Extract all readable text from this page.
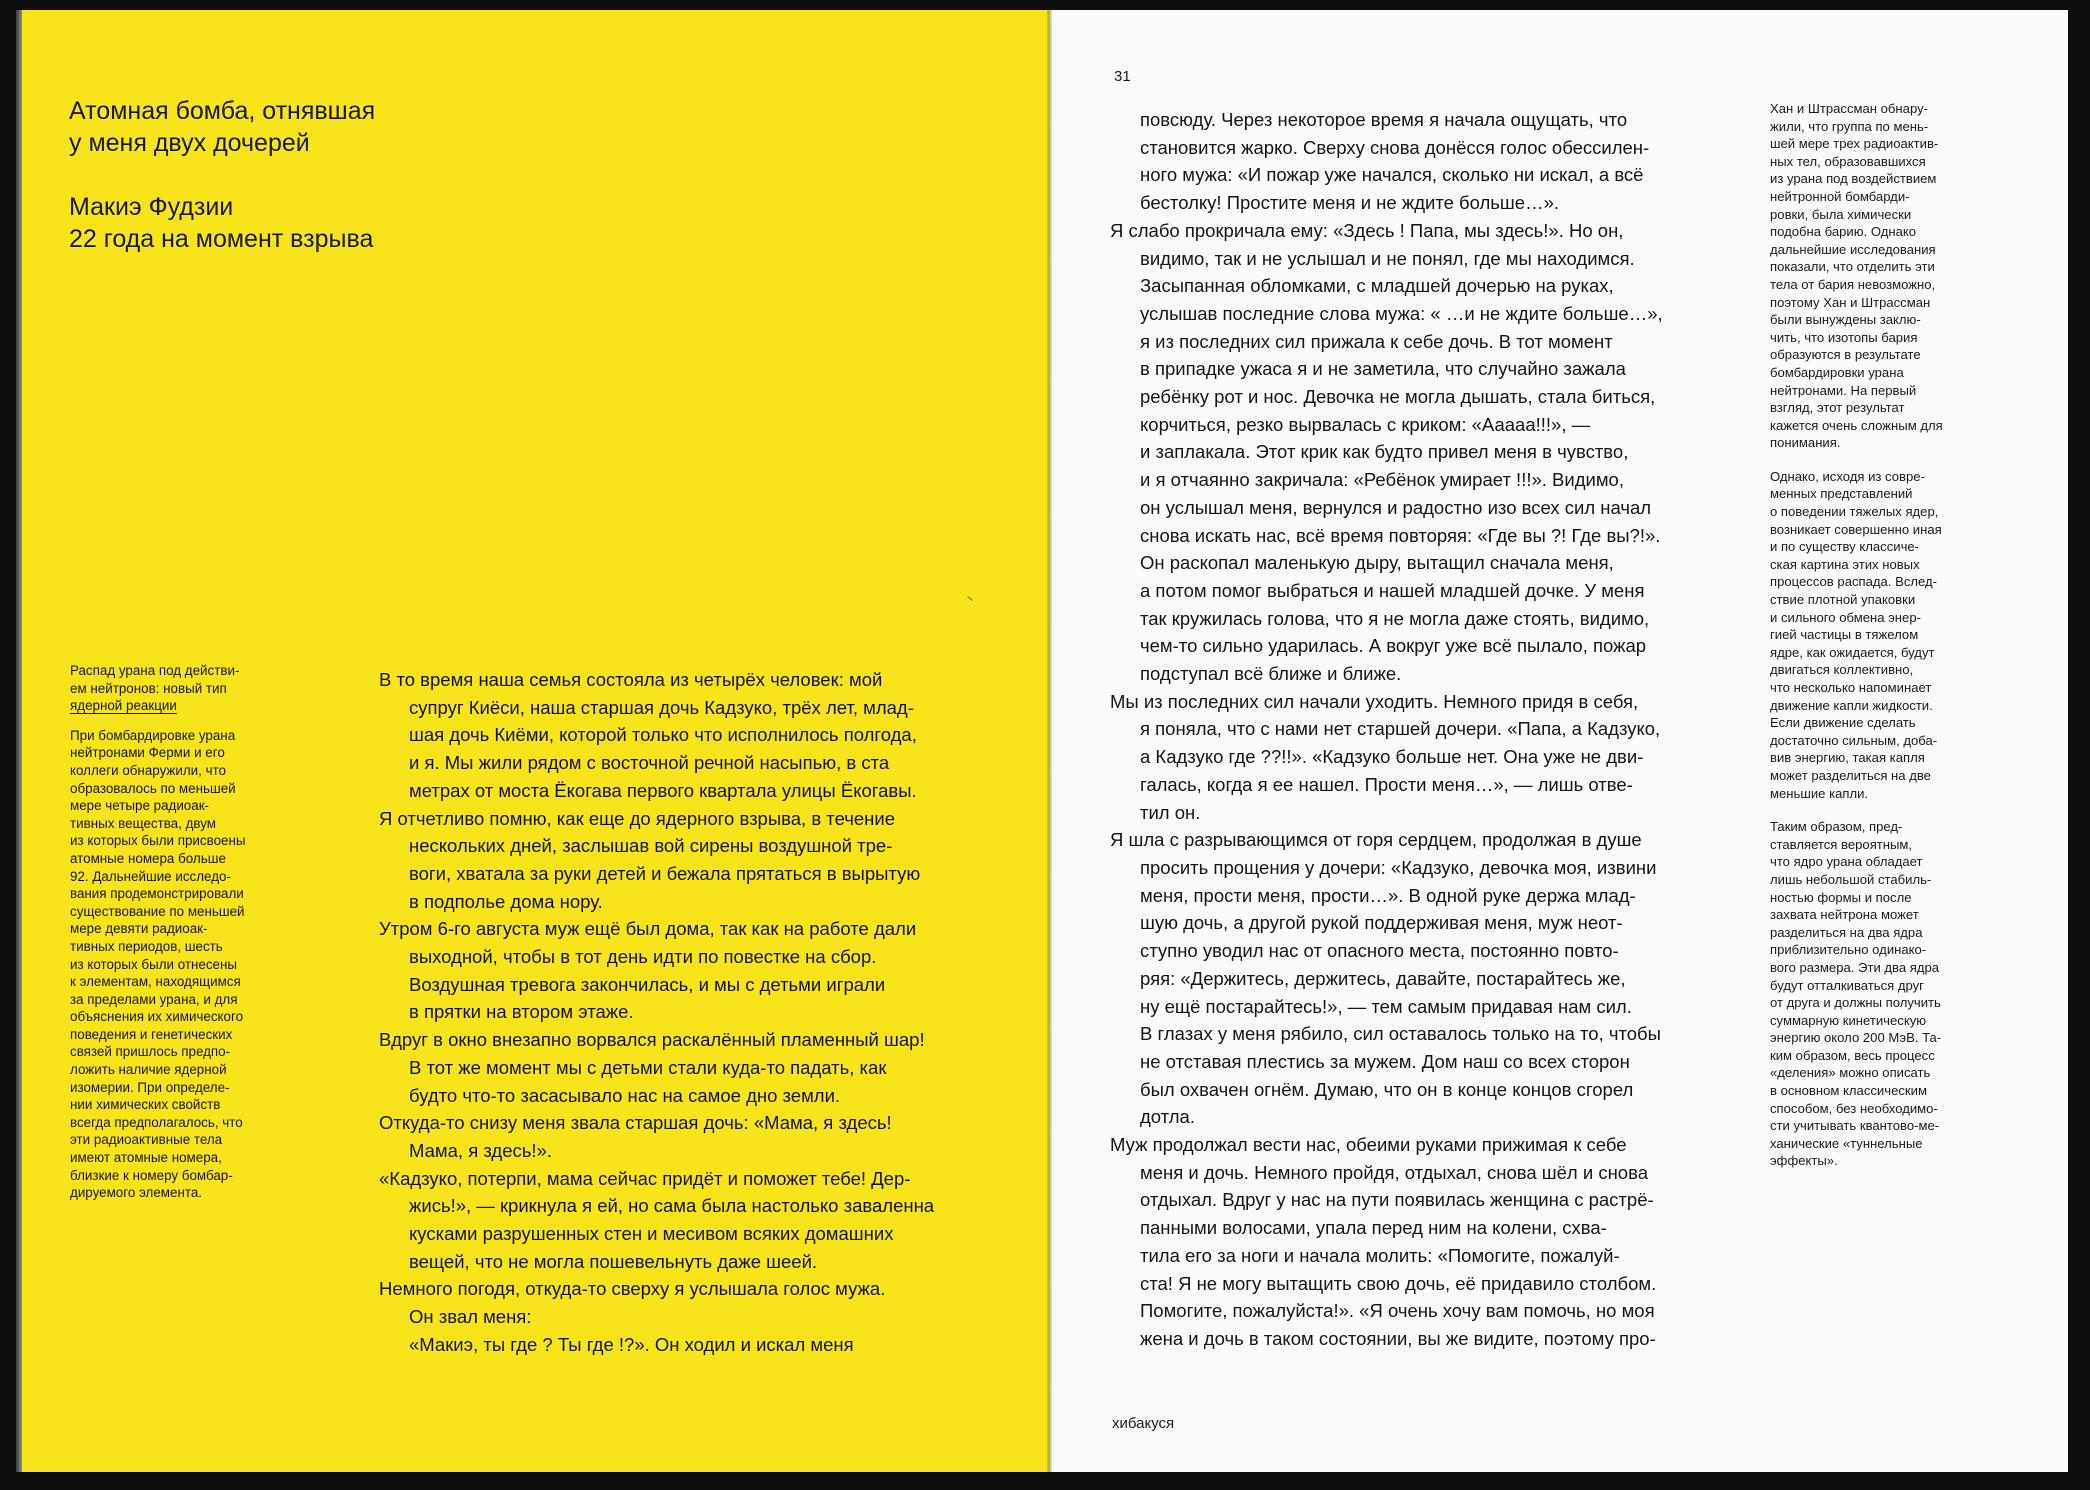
Атомная бомба, отнявшая
у меня двух дочерей
Макиэ Фудзии
22 года на момент взрыва
Распад урана под действи-
ем нейтронов: новый тип
ядерной реакции
При бомбардировке урана
нейтронами Ферми и его
коллеги обнаружили, что
образовалось по меньшей
мере четыре радиоак-
тивных вещества, двум
из которых были присвоены
атомные номера больше
92. Дальнейшие исследо-
вания продемонстрировали
существование по меньшей
мере девяти радиоак-
тивных периодов, шесть
из которых были отнесены
к элементам, находящимся
за пределами урана, и для
объяснения их химического
поведения и генетических
связей пришлось предпо-
ложить наличие ядерной
изомерии. При определе-
нии химических свойств
всегда предполагалось, что
эти радиоактивные тела
имеют атомные номера,
близкие к номеру бомбар-
дируемого элемента.
В то время наша семья состояла из четырёх человек: мой
супруг Киёси, наша старшая дочь Кадзуко, трёх лет, млад-
шая дочь Киёми, которой только что исполнилось полгода,
и я. Мы жили рядом с восточной речной насыпью, в ста
метрах от моста Ёкогава первого квартала улицы Ёкогавы.
Я отчетливо помню, как еще до ядерного взрыва, в течение
нескольких дней, заслышав вой сирены воздушной тре-
воги, хватала за руки детей и бежала прятаться в вырытую
в подполье дома нору.
Утром 6-го августа муж ещё был дома, так как на работе дали
выходной, чтобы в тот день идти по повестке на сбор.
Воздушная тревога закончилась, и мы с детьми играли
в прятки на втором этаже.
Вдруг в окно внезапно ворвался раскалённый пламенный шар!
В тот же момент мы с детьми стали куда-то падать, как
будто что-то засасывало нас на самое дно земли.
Откуда-то снизу меня звала старшая дочь: «Мама, я здесь!
Мама, я здесь!».
«Кадзуко, потерпи, мама сейчас придёт и поможет тебе! Дер-
жись!», — крикнула я ей, но сама была настолько заваленна
кусками разрушенных стен и месивом всяких домашних
вещей, что не могла пошевельнуть даже шеей.
Немного погодя, откуда-то сверху я услышала голос мужа.
Он звал меня:
«Макиэ, ты где ? Ты где !?». Он ходил и искал меня
31
повсюду. Через некоторое время я начала ощущать, что
становится жарко. Сверху снова донёсся голос обессилен-
ного мужа: «И пожар уже начался, сколько ни искал, а всё
бестолку! Простите меня и не ждите больше…».
Я слабо прокричала ему: «Здесь ! Папа, мы здесь!». Но он,
видимо, так и не услышал и не понял, где мы находимся.
Засыпанная обломками, с младшей дочерью на руках,
услышав последние слова мужа: « …и не ждите больше…»,
я из последних сил прижала к себе дочь. В тот момент
в припадке ужаса я и не заметила, что случайно зажала
ребёнку рот и нос. Девочка не могла дышать, стала биться,
корчиться, резко вырвалась с криком: «Ааааа!!!», —
и заплакала. Этот крик как будто привел меня в чувство,
и я отчаянно закричала: «Ребёнок умирает !!!». Видимо,
он услышал меня, вернулся и радостно изо всех сил начал
снова искать нас, всё время повторяя: «Где вы ?! Где вы?!».
Он раскопал маленькую дыру, вытащил сначала меня,
а потом помог выбраться и нашей младшей дочке. У меня
так кружилась голова, что я не могла даже стоять, видимо,
чем-то сильно ударилась. А вокруг уже всё пылало, пожар
подступал всё ближе и ближе.
Мы из последних сил начали уходить. Немного придя в себя,
я поняла, что с нами нет старшей дочери. «Папа, а Кадзуко,
а Кадзуко где ??!!». «Кадзуко больше нет. Она уже не дви-
галась, когда я ее нашел. Прости меня…», — лишь отве-
тил он.
Я шла с разрывающимся от горя сердцем, продолжая в душе
просить прощения у дочери: «Кадзуко, девочка моя, извини
меня, прости меня, прости…». В одной руке держа млад-
шую дочь, а другой рукой поддерживая меня, муж неот-
ступно уводил нас от опасного места, постоянно повто-
ряя: «Держитесь, держитесь, давайте, постарайтесь же,
ну ещё постарайтесь!», — тем самым придавая нам сил.
В глазах у меня рябило, сил оставалось только на то, чтобы
не отставая плестись за мужем. Дом наш со всех сторон
был охвачен огнём. Думаю, что он в конце концов сгорел
дотла.
Муж продолжал вести нас, обеими руками прижимая к себе
меня и дочь. Немного пройдя, отдыхал, снова шёл и снова
отдыхал. Вдруг у нас на пути появилась женщина с растрё-
панными волосами, упала перед ним на колени, схва-
тила его за ноги и начала молить: «Помогите, пожалуй-
ста! Я не могу вытащить свою дочь, её придавило столбом.
Помогите, пожалуйста!». «Я очень хочу вам помочь, но моя
жена и дочь в таком состоянии, вы же видите, поэтому про-
Хан и Штрассман обнару-
жили, что группа по мень-
шей мере трех радиоактив-
ных тел, образовавшихся
из урана под воздействием
нейтронной бомбарди-
ровки, была химически
подобна барию. Однако
дальнейшие исследования
показали, что отделить эти
тела от бария невозможно,
поэтому Хан и Штрассман
были вынуждены заклю-
чить, что изотопы бария
образуются в результате
бомбардировки урана
нейтронами. На первый
взгляд, этот результат
кажется очень сложным для
понимания.
Однако, исходя из совре-
менных представлений
о поведении тяжелых ядер,
возникает совершенно иная
и по существу классиче-
ская картина этих новых
процессов распада. Вслед-
ствие плотной упаковки
и сильного обмена энер-
гией частицы в тяжелом
ядре, как ожидается, будут
двигаться коллективно,
что несколько напоминает
движение капли жидкости.
Если движение сделать
достаточно сильным, доба-
вив энергию, такая капля
может разделиться на две
меньшие капли.
Таким образом, пред-
ставляется вероятным,
что ядро урана обладает
лишь небольшой стабиль-
ностью формы и после
захвата нейтрона может
разделиться на два ядра
приблизительно одинако-
вого размера. Эти два ядра
будут отталкиваться друг
от друга и должны получить
суммарную кинетическую
энергию около 200 МэВ. Та-
ким образом, весь процесс
«деления» можно описать
в основном классическим
способом, без необходимо-
сти учитывать квантово-ме-
ханические «туннельные
эффекты».
хибакуся
